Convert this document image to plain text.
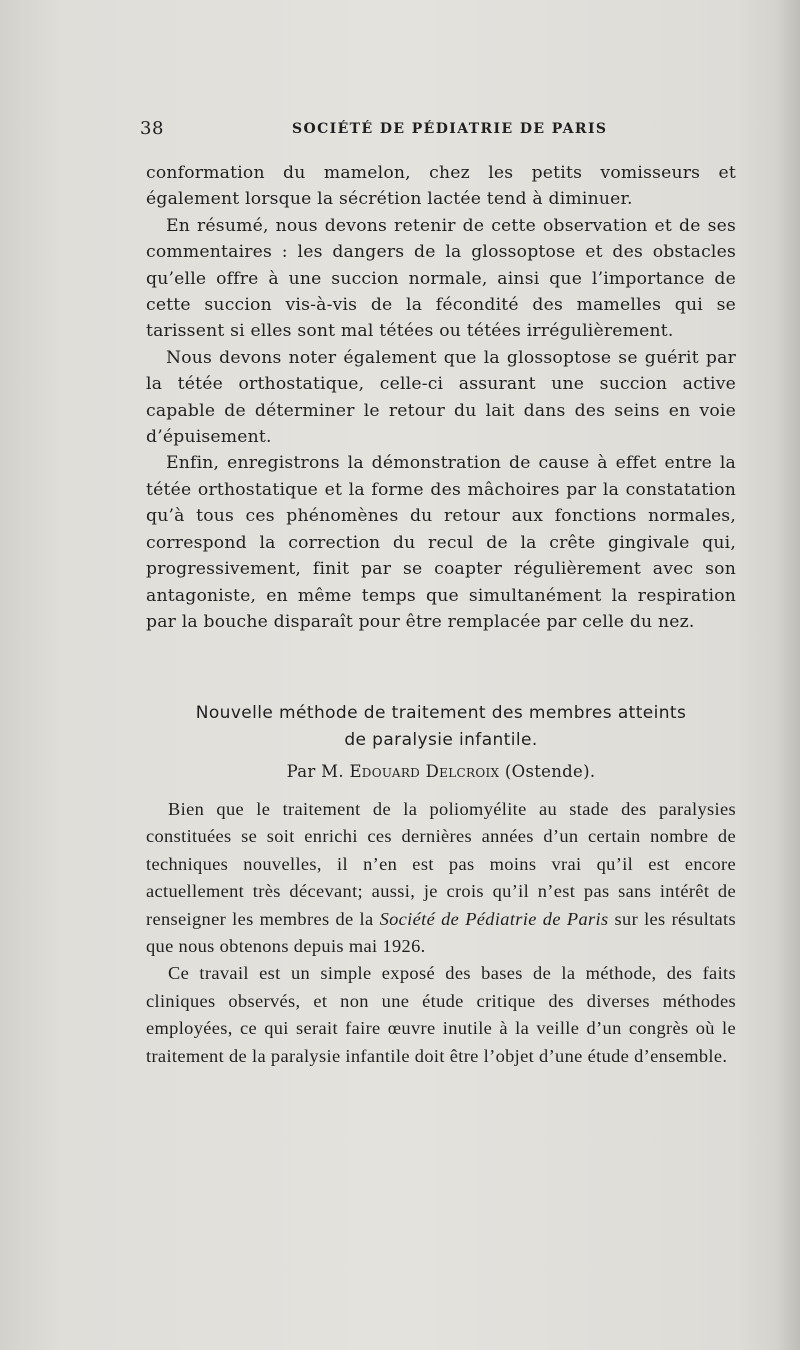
38	SOCIÉTÉ DE PÉDIATRIE DE PARIS

conformation du mamelon, chez les petits vomisseurs et également lorsque la sécrétion lactée tend à diminuer.

En résumé, nous devons retenir de cette observation et de ses commentaires : les dangers de la glossoptose et des obstacles qu’elle offre à une succion normale, ainsi que l’importance de cette succion vis-à-vis de la fécondité des mamelles qui se tarissent si elles sont mal tétées ou tétées irrégulièrement.

Nous devons noter également que la glossoptose se guérit par la tétée orthostatique, celle-ci assurant une succion active capable de déterminer le retour du lait dans des seins en voie d’épuisement.

Enfin, enregistrons la démonstration de cause à effet entre la tétée orthostatique et la forme des mâchoires par la constatation qu’à tous ces phénomènes du retour aux fonctions normales, correspond la correction du recul de la crête gingivale qui, progressivement, finit par se coapter régulièrement avec son antagoniste, en même temps que simultanément la respiration par la bouche disparaît pour être remplacée par celle du nez.

Nouvelle méthode de traitement des membres atteints
de paralysie infantile.
Par M. Edouard Delcroix (Ostende).

Bien que le traitement de la poliomyélite au stade des paralysies constituées se soit enrichi ces dernières années d’un certain nombre de techniques nouvelles, il n’en est pas moins vrai qu’il est encore actuellement très décevant; aussi, je crois qu’il n’est pas sans intérêt de renseigner les membres de la Société de Pédiatrie de Paris sur les résultats que nous obtenons depuis mai 1926.

Ce travail est un simple exposé des bases de la méthode, des faits cliniques observés, et non une étude critique des diverses méthodes employées, ce qui serait faire œuvre inutile à la veille d’un congrès où le traitement de la paralysie infantile doit être l’objet d’une étude d’ensemble.
